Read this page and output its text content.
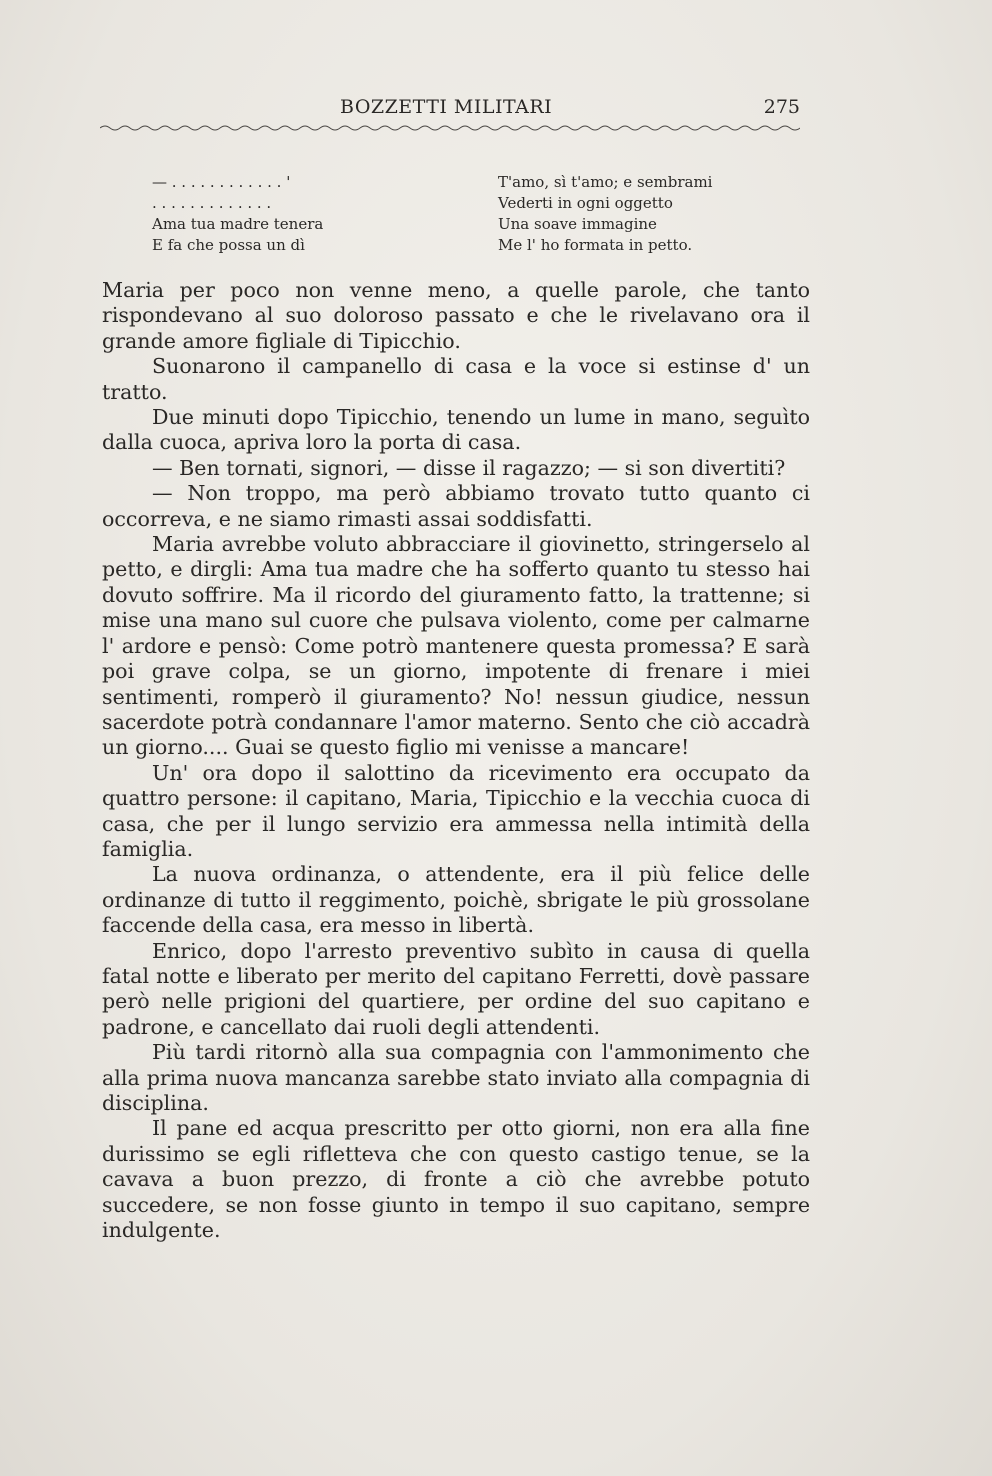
BOZZETTI MILITARI	275
— . . . . . . . . . . . . '
. . . . . . . . . . . . .
Ama tua madre tenera
E fa che possa un dì
T'amo, sì t'amo; e sembrami
Vederti in ogni oggetto
Una soave immagine
Me l' ho formata in petto.

Maria per poco non venne meno, a quelle parole, che tanto rispondevano al suo doloroso passato e che le rivelavano ora il grande amore figliale di Tipicchio.

Suonarono il campanello di casa e la voce si estinse d' un tratto.

Due minuti dopo Tipicchio, tenendo un lume in mano, seguìto dalla cuoca, apriva loro la porta di casa.

— Ben tornati, signori, — disse il ragazzo; — si son divertiti?

— Non troppo, ma però abbiamo trovato tutto quanto ci occorreva, e ne siamo rimasti assai soddisfatti.

Maria avrebbe voluto abbracciare il giovinetto, stringerselo al petto, e dirgli: Ama tua madre che ha sofferto quanto tu stesso hai dovuto soffrire. Ma il ricordo del giuramento fatto, la trattenne; si mise una mano sul cuore che pulsava violento, come per calmarne l' ardore e pensò: Come potrò mantenere questa promessa? E sarà poi grave colpa, se un giorno, impotente di frenare i miei sentimenti, romperò il giuramento? No! nessun giudice, nessun sacerdote potrà condannare l'amor materno. Sento che ciò accadrà un giorno.... Guai se questo figlio mi venisse a mancare!

Un' ora dopo il salottino da ricevimento era occupato da quattro persone: il capitano, Maria, Tipicchio e la vecchia cuoca di casa, che per il lungo servizio era ammessa nella intimità della famiglia.

La nuova ordinanza, o attendente, era il più felice delle ordinanze di tutto il reggimento, poichè, sbrigate le più grossolane faccende della casa, era messo in libertà.

Enrico, dopo l'arresto preventivo subìto in causa di quella fatal notte e liberato per merito del capitano Ferretti, dovè passare però nelle prigioni del quartiere, per ordine del suo capitano e padrone, e cancellato dai ruoli degli attendenti.

Più tardi ritornò alla sua compagnia con l'ammonimento che alla prima nuova mancanza sarebbe stato inviato alla compagnia di disciplina.

Il pane ed acqua prescritto per otto giorni, non era alla fine durissimo se egli rifletteva che con questo castigo tenue, se la cavava a buon prezzo, di fronte a ciò che avrebbe potuto succedere, se non fosse giunto in tempo il suo capitano, sempre indulgente.
